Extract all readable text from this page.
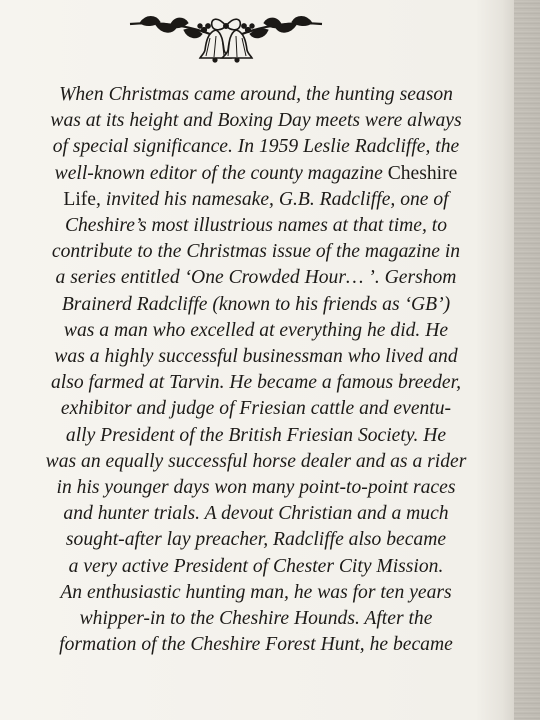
When Christmas came around, the hunting season
was at its height and Boxing Day meets were always
of special significance. In 1959 Leslie Radcliffe, the
well-known editor of the county magazine Cheshire
Life, invited his namesake, G.B. Radcliffe, one of
Cheshire’s most illustrious names at that time, to
contribute to the Christmas issue of the magazine in
a series entitled ‘One Crowded Hour… ’. Gershom
Brainerd Radcliffe (known to his friends as ‘GB’)
was a man who excelled at everything he did. He
was a highly successful businessman who lived and
also farmed at Tarvin. He became a famous breeder,
exhibitor and judge of Friesian cattle and eventu-
ally President of the British Friesian Society. He
was an equally successful horse dealer and as a rider
in his younger days won many point-to-point races
and hunter trials. A devout Christian and a much
sought-after lay preacher, Radcliffe also became
a very active President of Chester City Mission.
An enthusiastic hunting man, he was for ten years
whipper-in to the Cheshire Hounds. After the
formation of the Cheshire Forest Hunt, he became
